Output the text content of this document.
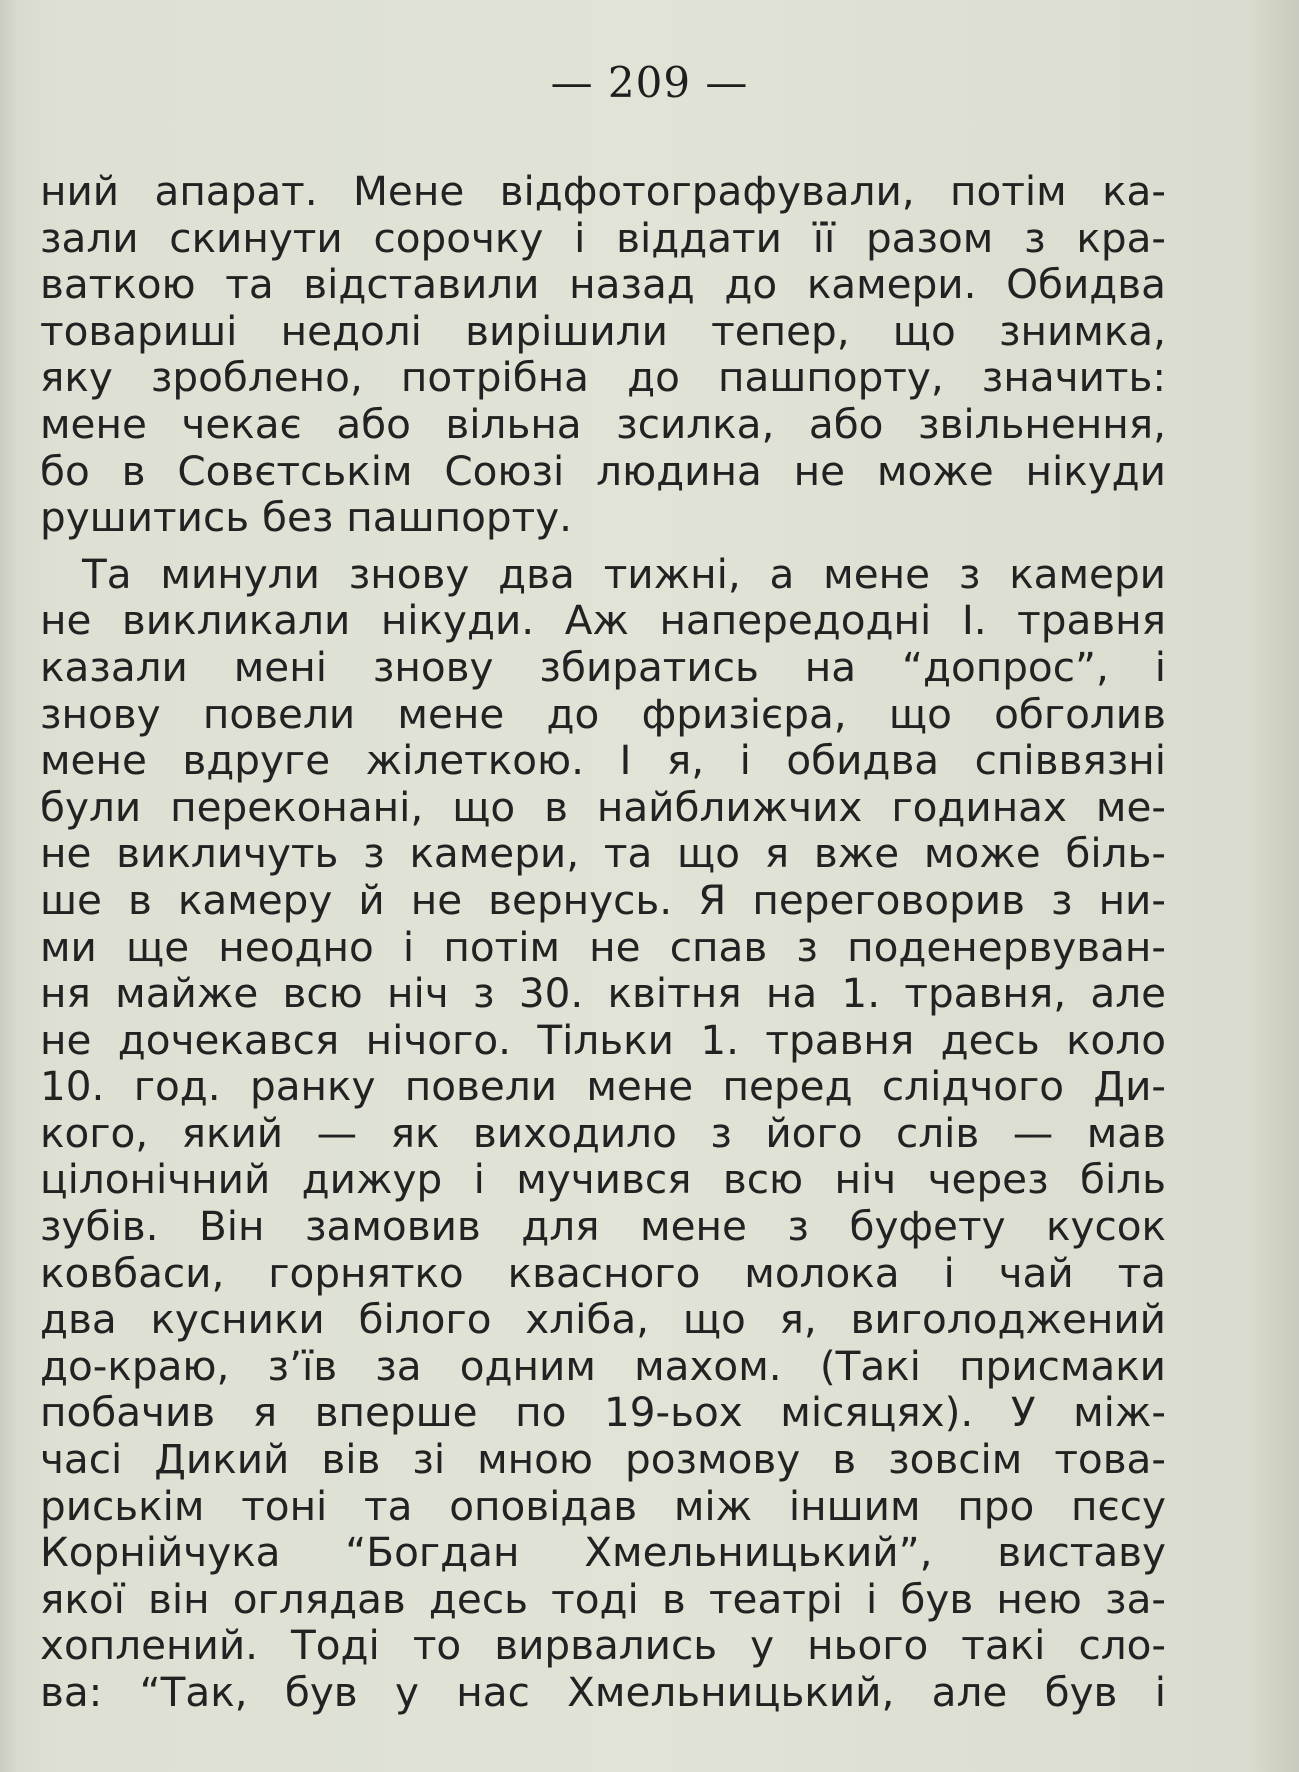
— 209 —
ний апарат. Мене відфотографували, потім ка-
зали скинути сорочку і віддати її разом з кра-
ваткою та відставили назад до камери. Обидва
товариші недолі вирішили тепер, що знимка,
яку зроблено, потрібна до пашпорту, значить:
мене чекає або вільна зсилка, або звільнення,
бо в Совєтськім Союзі людина не може нікуди
рушитись без пашпорту.
Та минули знову два тижні, а мене з камери
не викликали нікуди. Аж напередодні І. травня
казали мені знову збиратись на “допрос”, і
знову повели мене до фризієра, що обголив
мене вдруге жілеткою. І я, і обидва співвязні
були переконані, що в найближчих годинах ме-
не викличуть з камери, та що я вже може біль-
ше в камеру й не вернусь. Я переговорив з ни-
ми ще неодно і потім не спав з поденервуван-
ня майже всю ніч з 30. квітня на 1. травня, але
не дочекався нічого. Тільки 1. травня десь коло
10. год. ранку повели мене перед слідчого Ди-
кого, який — як виходило з його слів — мав
цілонічний дижур і мучився всю ніч через біль
зубів. Він замовив для мене з буфету кусок
ковбаси, горнятко квасного молока і чай та
два кусники білого хліба, що я, виголоджений
до-краю, з’їв за одним махом. (Такі присмаки
побачив я вперше по 19-ьох місяцях). У між-
часі Дикий вів зі мною розмову в зовсім това-
риськім тоні та оповідав між іншим про пєсу
Корнійчука “Богдан Хмельницький”, виставу
якої він оглядав десь тоді в театрі і був нею за-
хоплений. Тоді то вирвались у нього такі сло-
ва: “Так, був у нас Хмельницький, але був і
